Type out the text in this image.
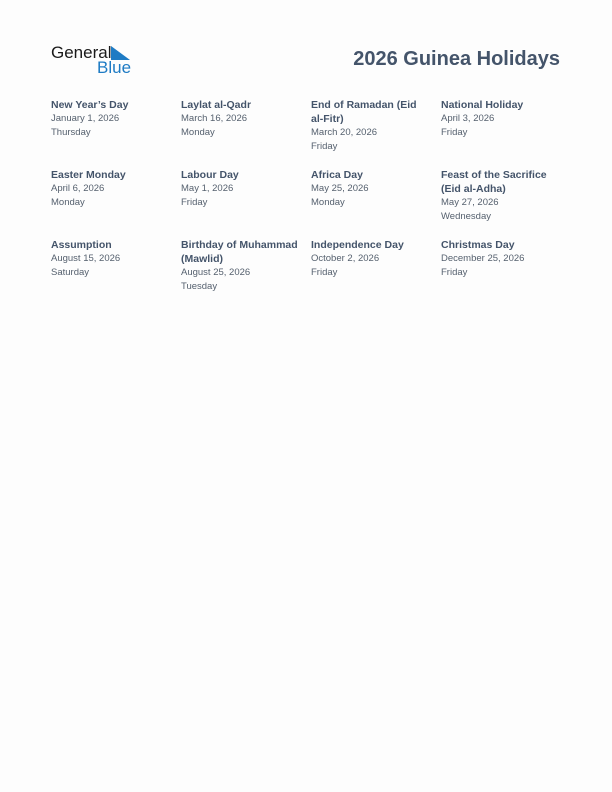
General
Blue	2026 Guinea Holidays
New Year’s Day
January 1, 2026
Thursday
Laylat al-Qadr
March 16, 2026
Monday
End of Ramadan (Eid al-Fitr)
March 20, 2026
Friday
National Holiday
April 3, 2026
Friday
Easter Monday
April 6, 2026
Monday
Labour Day
May 1, 2026
Friday
Africa Day
May 25, 2026
Monday
Feast of the Sacrifice (Eid al-Adha)
May 27, 2026
Wednesday
Assumption
August 15, 2026
Saturday
Birthday of Muhammad (Mawlid)
August 25, 2026
Tuesday
Independence Day
October 2, 2026
Friday
Christmas Day
December 25, 2026
Friday
